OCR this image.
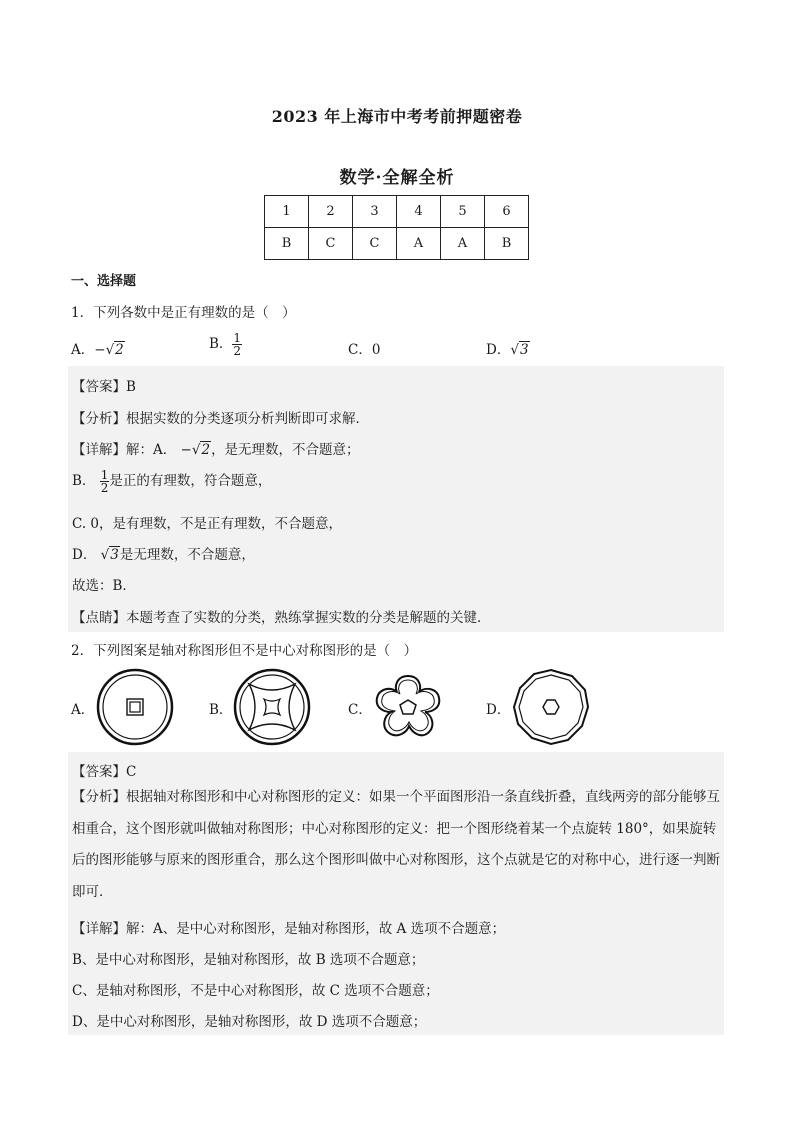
2023 年上海市中考考前押题密卷
数学·全解全析
1	2	3	4	5	6
B	C	C	A	A	B
一、选择题
1．下列各数中是正有理数的是（　）
A．−√2	B． $\frac{1}{2}$	C．0	D．√3
【答案】B
【分析】根据实数的分类逐项分析判断即可求解．
【详解】解：A． −√2，是无理数，不合题意；
B． $\frac{1}{2}$ 是正的有理数，符合题意，
C. 0，是有理数，不是正有理数，不合题意，
D． √3是无理数，不合题意，
故选：B．
【点睛】本题考查了实数的分类，熟练掌握实数的分类是解题的关键．
2．下列图案是轴对称图形但不是中心对称图形的是（　）
A．	B．	C．	D．
【答案】C
【分析】根据轴对称图形和中心对称图形的定义：如果一个平面图形沿一条直线折叠，直线两旁的部分能够互相重合，这个图形就叫做轴对称图形；中心对称图形的定义：把一个图形绕着某一个点旋转 180°，如果旋转后的图形能够与原来的图形重合，那么这个图形叫做中心对称图形，这个点就是它的对称中心，进行逐一判断即可．
【详解】解：A、是中心对称图形，是轴对称图形，故 A 选项不合题意；
B、是中心对称图形，是轴对称图形，故 B 选项不合题意；
C、是轴对称图形，不是中心对称图形，故 C 选项不合题意；
D、是中心对称图形，是轴对称图形，故 D 选项不合题意；
